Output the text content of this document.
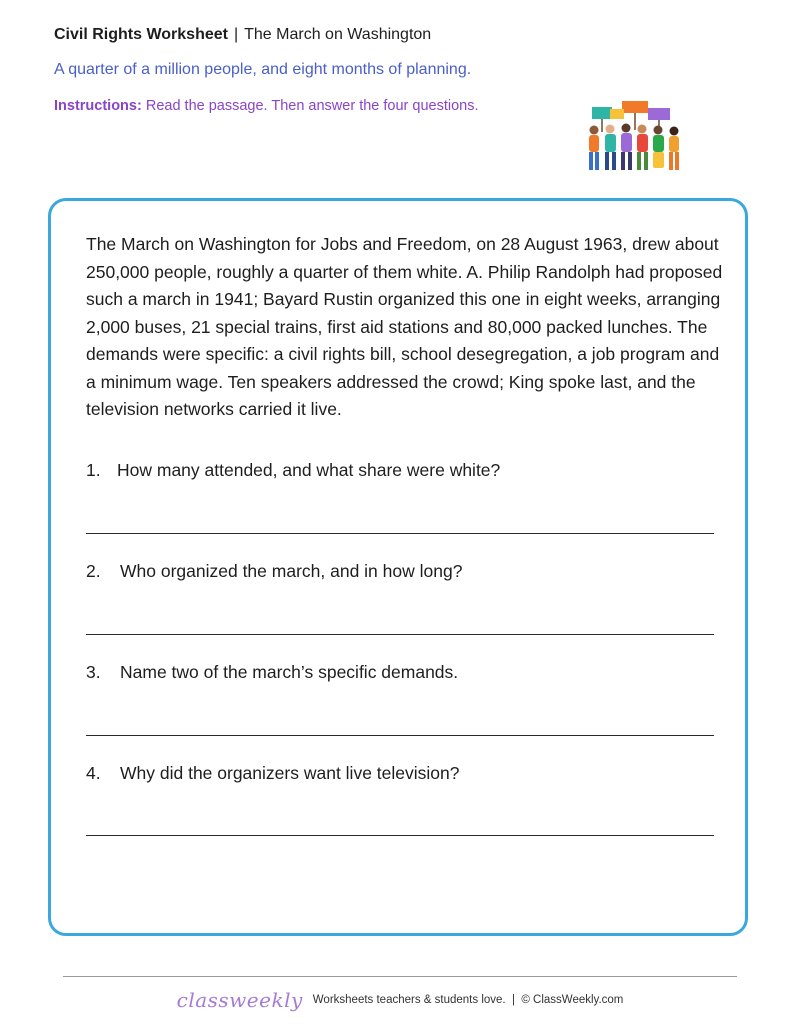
Civil Rights Worksheet | The March on Washington
A quarter of a million people, and eight months of planning.
Instructions: Read the passage. Then answer the four questions.
The March on Washington for Jobs and Freedom, on 28 August 1963, drew about 250,000 people, roughly a quarter of them white. A. Philip Randolph had proposed such a march in 1941; Bayard Rustin organized this one in eight weeks, arranging 2,000 buses, 21 special trains, first aid stations and 80,000 packed lunches. The demands were specific: a civil rights bill, school desegregation, a job program and a minimum wage. Ten speakers addressed the crowd; King spoke last, and the television networks carried it live.
1. How many attended, and what share were white?
2. Who organized the march, and in how long?
3. Name two of the march’s specific demands.
4. Why did the organizers want live television?
classweekly Worksheets teachers & students love.  |  © ClassWeekly.com
